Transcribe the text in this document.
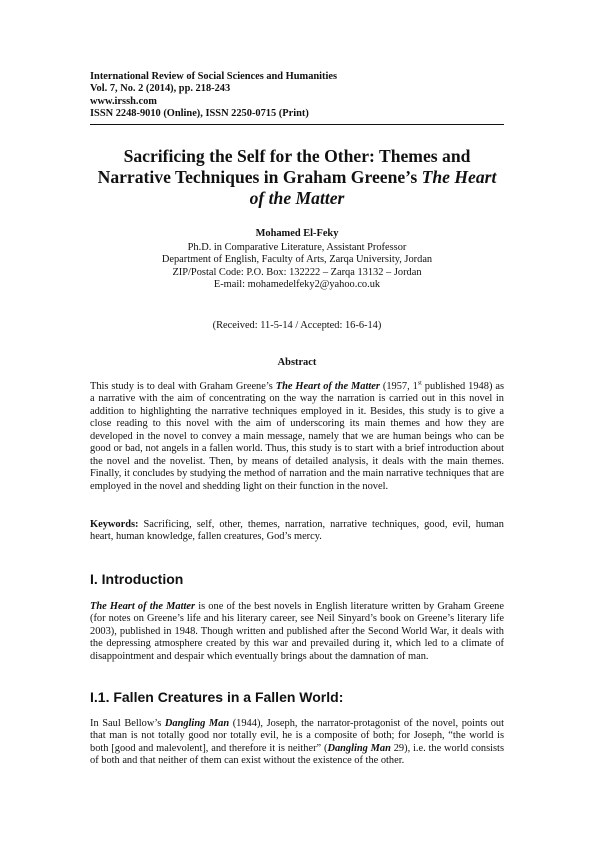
International Review of Social Sciences and Humanities
Vol. 7, No. 2 (2014), pp. 218-243
www.irssh.com
ISSN 2248-9010 (Online), ISSN 2250-0715 (Print)
Sacrificing the Self for the Other: Themes and Narrative Techniques in Graham Greene’s The Heart of the Matter
Mohamed El-Feky
Ph.D. in Comparative Literature, Assistant Professor
Department of English, Faculty of Arts, Zarqa University, Jordan
ZIP/Postal Code: P.O. Box: 132222 – Zarqa 13132 – Jordan
E-mail: mohamedelfeky2@yahoo.co.uk
(Received: 11-5-14 / Accepted: 16-6-14)
Abstract
This study is to deal with Graham Greene’s The Heart of the Matter (1957, 1st published 1948) as a narrative with the aim of concentrating on the way the narration is carried out in this novel in addition to highlighting the narrative techniques employed in it. Besides, this study is to give a close reading to this novel with the aim of underscoring its main themes and how they are developed in the novel to convey a main message, namely that we are human beings who can be good or bad, not angels in a fallen world. Thus, this study is to start with a brief introduction about the novel and the novelist. Then, by means of detailed analysis, it deals with the main themes. Finally, it concludes by studying the method of narration and the main narrative techniques that are employed in the novel and shedding light on their function in the novel.
Keywords: Sacrificing, self, other, themes, narration, narrative techniques, good, evil, human heart, human knowledge, fallen creatures, God’s mercy.
I. Introduction
The Heart of the Matter is one of the best novels in English literature written by Graham Greene (for notes on Greene’s life and his literary career, see Neil Sinyard’s book on Greene’s literary life 2003), published in 1948. Though written and published after the Second World War, it deals with the depressing atmosphere created by this war and prevailed during it, which led to a climate of disappointment and despair which eventually brings about the damnation of man.
I.1. Fallen Creatures in a Fallen World:
In Saul Bellow’s Dangling Man (1944), Joseph, the narrator-protagonist of the novel, points out that man is not totally good nor totally evil, he is a composite of both; for Joseph, “the world is both [good and malevolent], and therefore it is neither” (Dangling Man 29), i.e. the world consists of both and that neither of them can exist without the existence of the other.
